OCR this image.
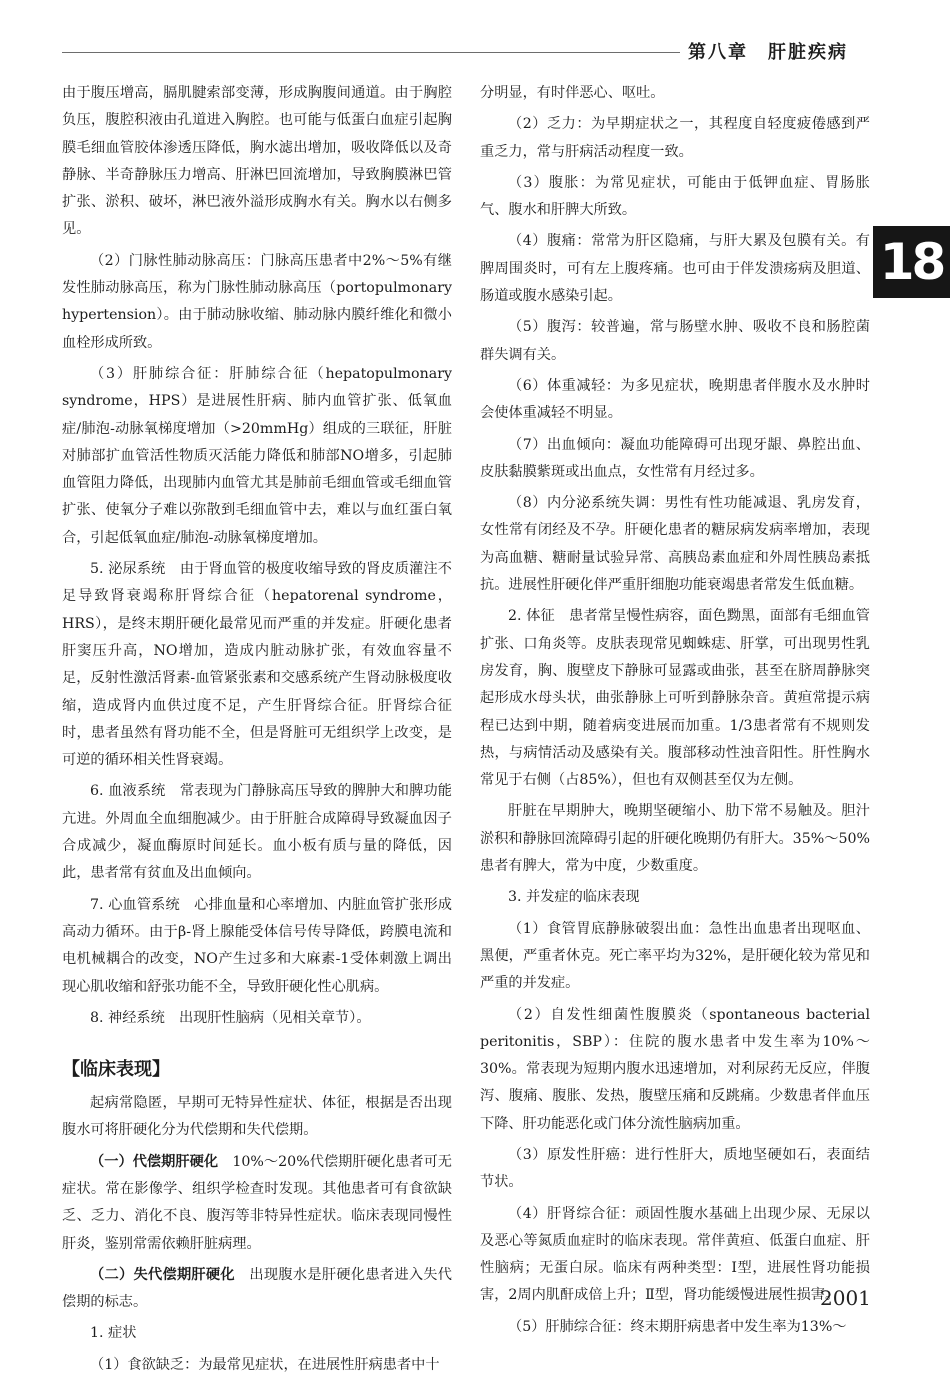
第八章　肝脏疾病
18

由于腹压增高，膈肌腱索部变薄，形成胸腹间通道。由于胸腔负压，腹腔积液由孔道进入胸腔。也可能与低蛋白血症引起胸膜毛细血管胶体渗透压降低，胸水滤出增加，吸收降低以及奇静脉、半奇静脉压力增高、肝淋巴回流增加，导致胸膜淋巴管扩张、淤积、破坏，淋巴液外溢形成胸水有关。胸水以右侧多见。

（2）门脉性肺动脉高压：门脉高压患者中2%～5%有继发性肺动脉高压，称为门脉性肺动脉高压（portopulmonary hypertension）。由于肺动脉收缩、肺动脉内膜纤维化和微小血栓形成所致。

（3）肝肺综合征：肝肺综合征（hepatopulmonary syndrome，HPS）是进展性肝病、肺内血管扩张、低氧血症/肺泡-动脉氧梯度增加（>20mmHg）组成的三联征，肝脏对肺部扩血管活性物质灭活能力降低和肺部NO增多，引起肺血管阻力降低，出现肺内血管尤其是肺前毛细血管或毛细血管扩张、使氧分子难以弥散到毛细血管中去，难以与血红蛋白氧合，引起低氧血症/肺泡-动脉氧梯度增加。

5. 泌尿系统　由于肾血管的极度收缩导致的肾皮质灌注不足导致肾衰竭称肝肾综合征（hepatorenal syndrome，HRS），是终末期肝硬化最常见而严重的并发症。肝硬化患者肝窦压升高，NO增加，造成内脏动脉扩张，有效血容量不足，反射性激活肾素-血管紧张素和交感系统产生肾动脉极度收缩，造成肾内血供过度不足，产生肝肾综合征。肝肾综合征时，患者虽然有肾功能不全，但是肾脏可无组织学上改变，是可逆的循环相关性肾衰竭。

6. 血液系统　常表现为门静脉高压导致的脾肿大和脾功能亢进。外周血全血细胞减少。由于肝脏合成障碍导致凝血因子合成减少，凝血酶原时间延长。血小板有质与量的降低，因此，患者常有贫血及出血倾向。

7. 心血管系统　心排血量和心率增加、内脏血管扩张形成高动力循环。由于β-肾上腺能受体信号传导降低，跨膜电流和电机械耦合的改变，NO产生过多和大麻素-1受体刺激上调出现心肌收缩和舒张功能不全，导致肝硬化性心肌病。

8. 神经系统　出现肝性脑病（见相关章节）。

【临床表现】

起病常隐匿，早期可无特异性症状、体征，根据是否出现腹水可将肝硬化分为代偿期和失代偿期。

（一）代偿期肝硬化　10%～20%代偿期肝硬化患者可无症状。常在影像学、组织学检查时发现。其他患者可有食欲缺乏、乏力、消化不良、腹泻等非特异性症状。临床表现同慢性肝炎，鉴别常需依赖肝脏病理。

（二）失代偿期肝硬化　出现腹水是肝硬化患者进入失代偿期的标志。

1. 症状

（1）食欲缺乏：为最常见症状，在进展性肝病患者中十

分明显，有时伴恶心、呕吐。

（2）乏力：为早期症状之一，其程度自轻度疲倦感到严重乏力，常与肝病活动程度一致。

（3）腹胀：为常见症状，可能由于低钾血症、胃肠胀气、腹水和肝脾大所致。

（4）腹痛：常常为肝区隐痛，与肝大累及包膜有关。有脾周围炎时，可有左上腹疼痛。也可由于伴发溃疡病及胆道、肠道或腹水感染引起。

（5）腹泻：较普遍，常与肠壁水肿、吸收不良和肠腔菌群失调有关。

（6）体重减轻：为多见症状，晚期患者伴腹水及水肿时会使体重减轻不明显。

（7）出血倾向：凝血功能障碍可出现牙龈、鼻腔出血、皮肤黏膜紫斑或出血点，女性常有月经过多。

（8）内分泌系统失调：男性有性功能减退、乳房发育，女性常有闭经及不孕。肝硬化患者的糖尿病发病率增加，表现为高血糖、糖耐量试验异常、高胰岛素血症和外周性胰岛素抵抗。进展性肝硬化伴严重肝细胞功能衰竭患者常发生低血糖。

2. 体征　患者常呈慢性病容，面色黝黑，面部有毛细血管扩张、口角炎等。皮肤表现常见蜘蛛痣、肝掌，可出现男性乳房发育，胸、腹壁皮下静脉可显露或曲张，甚至在脐周静脉突起形成水母头状，曲张静脉上可听到静脉杂音。黄疸常提示病程已达到中期，随着病变进展而加重。1/3患者常有不规则发热，与病情活动及感染有关。腹部移动性浊音阳性。肝性胸水常见于右侧（占85%），但也有双侧甚至仅为左侧。

肝脏在早期肿大，晚期坚硬缩小、肋下常不易触及。胆汁淤积和静脉回流障碍引起的肝硬化晚期仍有肝大。35%～50%患者有脾大，常为中度，少数重度。

3. 并发症的临床表现

（1）食管胃底静脉破裂出血：急性出血患者出现呕血、黑便，严重者休克。死亡率平均为32%，是肝硬化较为常见和严重的并发症。

（2）自发性细菌性腹膜炎（spontaneous bacterial peritonitis，SBP）：住院的腹水患者中发生率为10%～30%。常表现为短期内腹水迅速增加，对利尿药无反应，伴腹泻、腹痛、腹胀、发热，腹壁压痛和反跳痛。少数患者伴血压下降、肝功能恶化或门体分流性脑病加重。

（3）原发性肝癌：进行性肝大，质地坚硬如石，表面结节状。

（4）肝肾综合征：顽固性腹水基础上出现少尿、无尿以及恶心等氮质血症时的临床表现。常伴黄疸、低蛋白血症、肝性脑病；无蛋白尿。临床有两种类型：Ⅰ型，进展性肾功能损害，2周内肌酐成倍上升；Ⅱ型，肾功能缓慢进展性损害。

（5）肝肺综合征：终末期肝病患者中发生率为13%～

2001
